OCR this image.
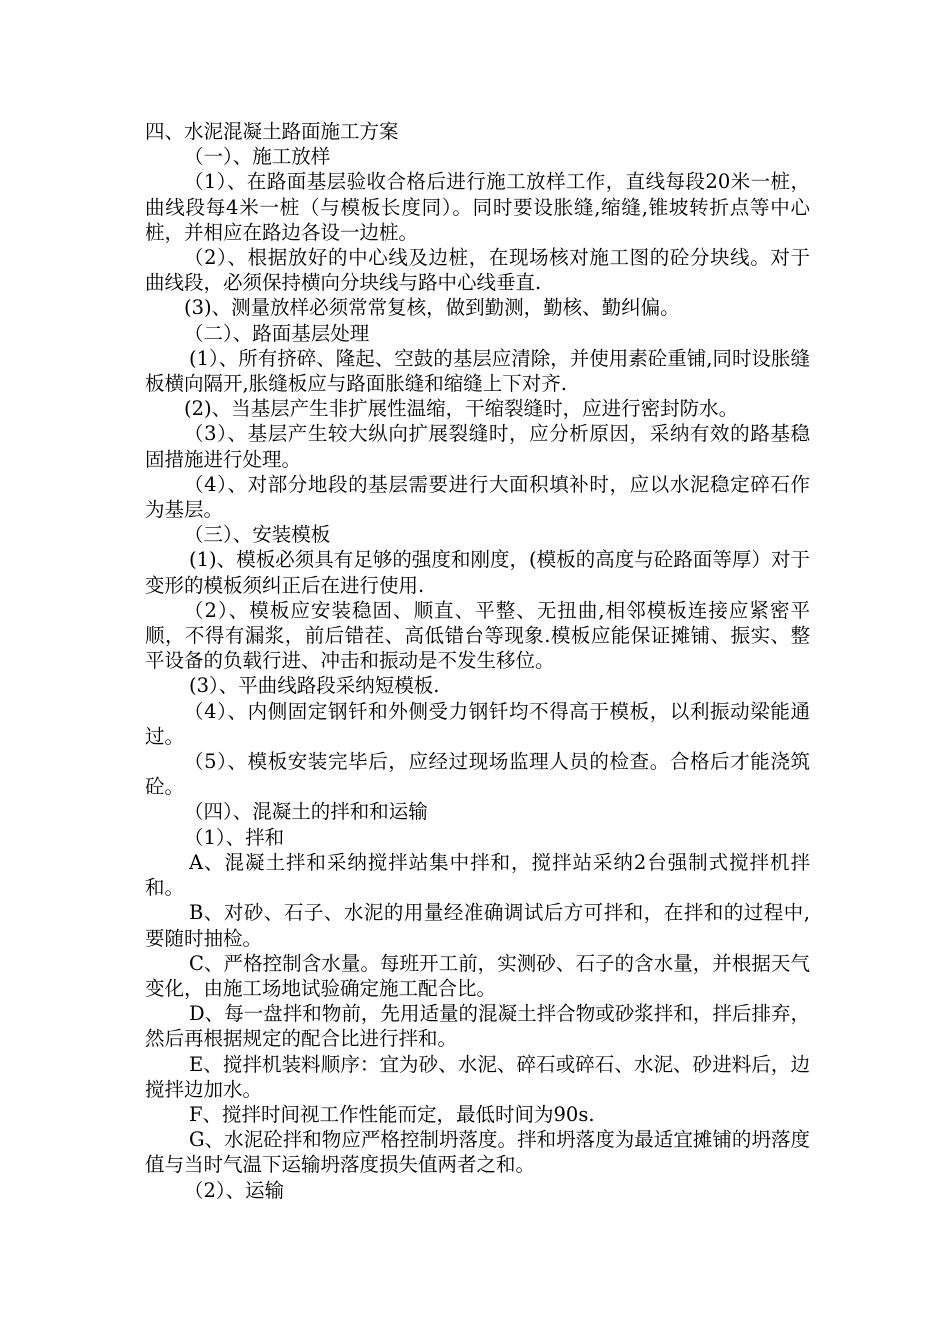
四、水泥混凝土路面施工方案

（一）、施工放样

（1）、在路面基层验收合格后进行施工放样工作，直线每段20米一桩，曲线段每4米一桩（与模板长度同）。同时要设胀缝,缩缝,锥坡转折点等中心桩，并相应在路边各设一边桩。

（2）、根据放好的中心线及边桩，在现场核对施工图的砼分块线。对于曲线段，必须保持横向分块线与路中心线垂直.

(3)、测量放样必须常常复核，做到勤测，勤核、勤纠偏。

（二）、路面基层处理

(1）、所有挤碎、隆起、空鼓的基层应清除，并使用素砼重铺,同时设胀缝板横向隔开,胀缝板应与路面胀缝和缩缝上下对齐.

(2)、当基层产生非扩展性温缩，干缩裂缝时，应进行密封防水。

（3）、基层产生较大纵向扩展裂缝时，应分析原因，采纳有效的路基稳固措施进行处理。

（4）、对部分地段的基层需要进行大面积填补时，应以水泥稳定碎石作为基层。

（三）、安装模板

(1)、模板必须具有足够的强度和刚度，(模板的高度与砼路面等厚）对于变形的模板须纠正后在进行使用.

（2）、模板应安装稳固、顺直、平整、无扭曲,相邻模板连接应紧密平顺，不得有漏浆，前后错茬、高低错台等现象.模板应能保证摊铺、振实、整平设备的负载行进、冲击和振动是不发生移位。

(3）、平曲线路段采纳短模板.

（4）、内侧固定钢钎和外侧受力钢钎均不得高于模板，以利振动梁能通过。

（5）、模板安装完毕后，应经过现场监理人员的检查。合格后才能浇筑砼。

（四）、混凝土的拌和和运输

（1）、拌和

A、混凝土拌和采纳搅拌站集中拌和，搅拌站采纳2台强制式搅拌机拌和。

B、对砂、石子、水泥的用量经准确调试后方可拌和，在拌和的过程中,要随时抽检。

C、严格控制含水量。每班开工前，实测砂、石子的含水量，并根据天气变化，由施工场地试验确定施工配合比。

D、每一盘拌和物前，先用适量的混凝土拌合物或砂浆拌和，拌后排弃，然后再根据规定的配合比进行拌和。

E、搅拌机装料顺序：宜为砂、水泥、碎石或碎石、水泥、砂进料后，边搅拌边加水。

F、搅拌时间视工作性能而定，最低时间为90s.

G、水泥砼拌和物应严格控制坍落度。拌和坍落度为最适宜摊铺的坍落度值与当时气温下运输坍落度损失值两者之和。

（2）、运输
